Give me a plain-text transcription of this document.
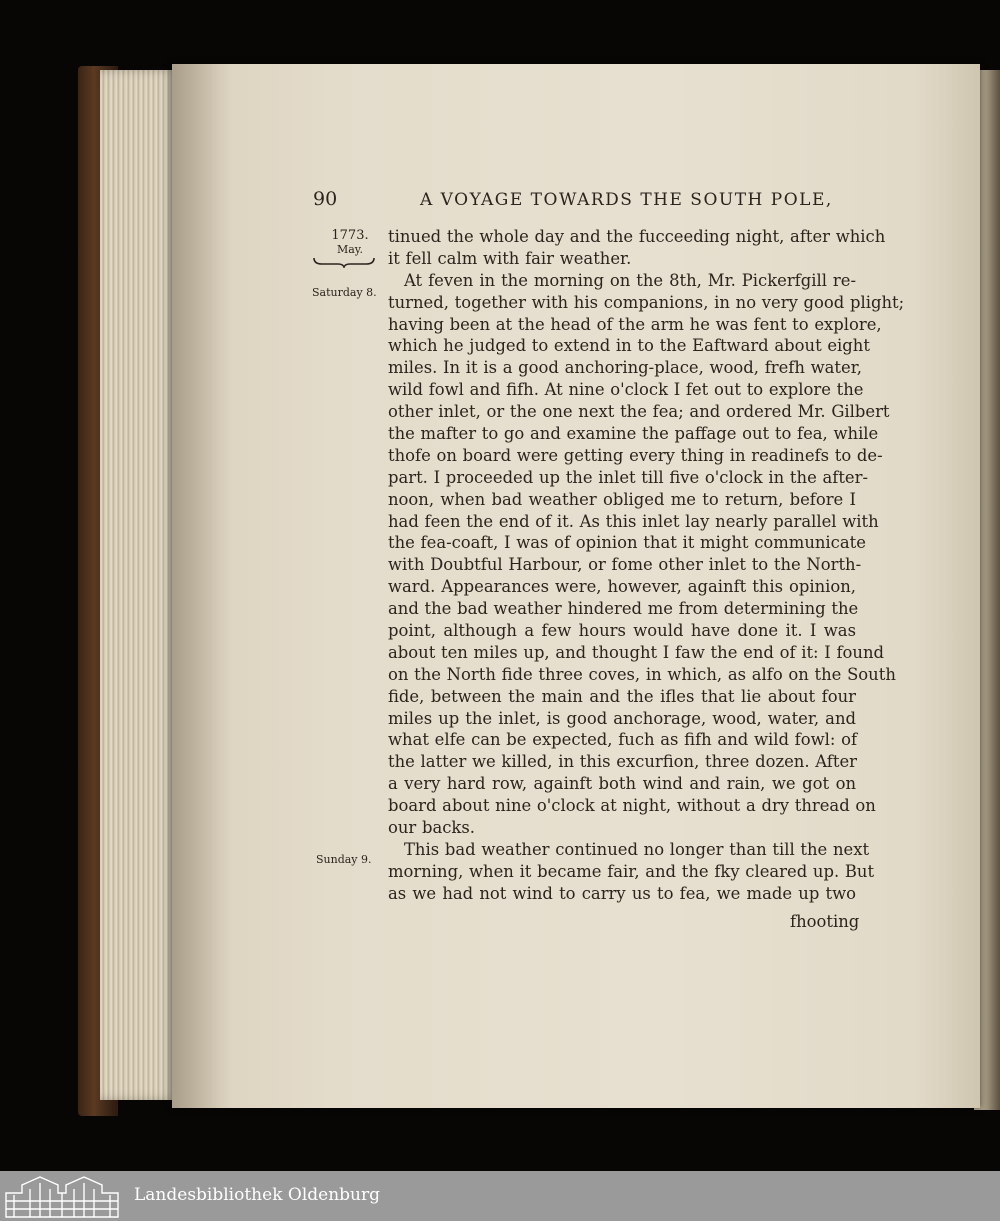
90	A VOYAGE TOWARDS THE SOUTH POLE,
1773.
May.
Saturday 8.
Sunday 9.
tinued the whole day and the fucceeding night, after which
it fell calm with fair weather.
At feven in the morning on the 8th, Mr. Pickerfgill re-
turned, together with his companions, in no very good plight;
having been at the head of the arm he was fent to explore,
which he judged to extend in to the Eaftward about eight
miles. In it is a good anchoring-place, wood, frefh water,
wild fowl and fifh. At nine o'clock I fet out to explore the
other inlet, or the one next the fea; and ordered Mr. Gilbert
the mafter to go and examine the paffage out to fea, while
thofe on board were getting every thing in readinefs to de-
part. I proceeded up the inlet till five o'clock in the after-
noon, when bad weather obliged me to return, before I
had feen the end of it. As this inlet lay nearly parallel with
the fea-coaft, I was of opinion that it might communicate
with Doubtful Harbour, or fome other inlet to the North-
ward. Appearances were, however, againft this opinion,
and the bad weather hindered me from determining the
point, although a few hours would have done it. I was
about ten miles up, and thought I faw the end of it: I found
on the North fide three coves, in which, as alfo on the South
fide, between the main and the ifles that lie about four
miles up the inlet, is good anchorage, wood, water, and
what elfe can be expected, fuch as fifh and wild fowl: of
the latter we killed, in this excurfion, three dozen. After
a very hard row, againft both wind and rain, we got on
board about nine o'clock at night, without a dry thread on
our backs.
This bad weather continued no longer than till the next
morning, when it became fair, and the fky cleared up. But
as we had not wind to carry us to fea, we made up two
fhooting
Landesbibliothek Oldenburg
